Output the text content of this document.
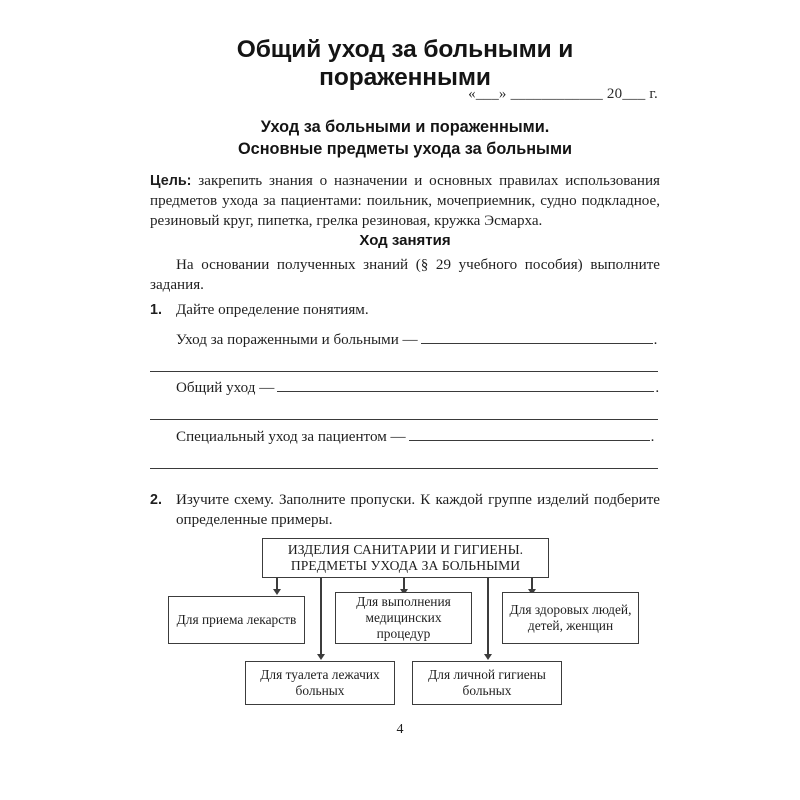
Общий уход за больными и пораженными
«___» ____________ 20___ г.
Уход за больными и пораженными.
Основные предметы ухода за больными
Цель: закрепить знания о назначении и основных правилах использования предметов ухода за пациентами: поильник, мочеприемник, судно подкладное, резиновый круг, пипетка, грелка резиновая, кружка Эсмарха.
Ход занятия
На основании полученных знаний (§ 29 учебного пособия) выполните задания.
1. Дайте определение понятиям.
Уход за пораженными и больными —	.
Общий уход —	.
Специальный уход за пациентом —	.
2. Изучите схему. Заполните пропуски. К каждой группе изделий подберите определенные примеры.
ИЗДЕЛИЯ САНИТАРИИ И ГИГИЕНЫ.
ПРЕДМЕТЫ УХОДА ЗА БОЛЬНЫМИ
Для приема лекарств
Для выполнения медицинских процедур
Для здоровых людей, детей, женщин
Для туалета лежачих больных
Для личной гигиены больных
4
